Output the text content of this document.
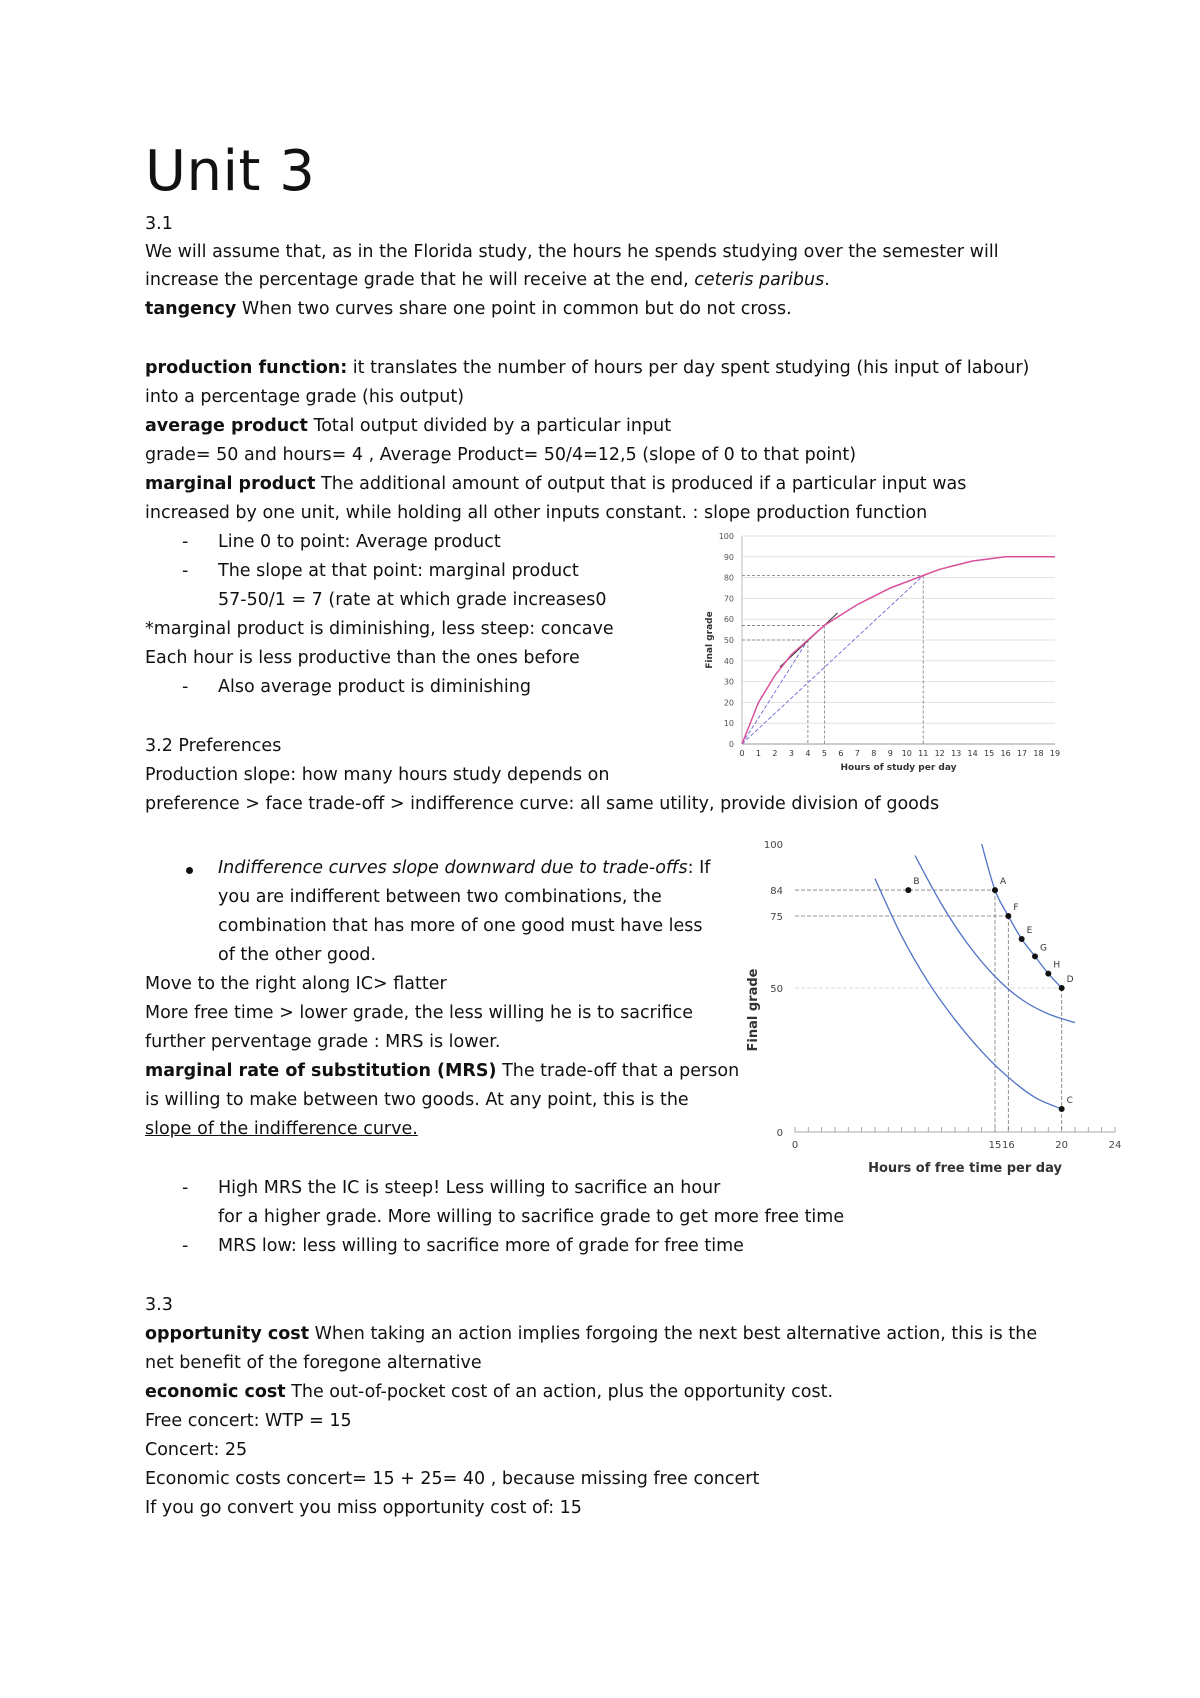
Unit 3
3.1
We will assume that, as in the Florida study, the hours he spends studying over the semester will
increase the percentage grade that he will receive at the end, ceteris paribus.
tangency When two curves share one point in common but do not cross.
production function: it translates the number of hours per day spent studying (his input of labour)
into a percentage grade (his output)
average product Total output divided by a particular input
grade= 50 and hours= 4 , Average Product= 50/4=12,5 (slope of 0 to that point)
marginal product The additional amount of output that is produced if a particular input was
increased by one unit, while holding all other inputs constant. : slope production function
- Line 0 to point: Average product
- The slope at that point: marginal product
57-50/1 = 7 (rate at which grade increases0
*marginal product is diminishing, less steep: concave
Each hour is less productive than the ones before
- Also average product is diminishing
3.2 Preferences
Production slope: how many hours study depends on
preference > face trade-off > indifference curve: all same utility, provide division of goods
Indifference curves slope downward due to trade-offs: If
you are indifferent between two combinations, the
combination that has more of one good must have less
of the other good.
Move to the right along IC> flatter
More free time > lower grade, the less willing he is to sacrifice
further perventage grade : MRS is lower.
marginal rate of substitution (MRS) The trade-off that a person
is willing to make between two goods. At any point, this is the
slope of the indifference curve.
- High MRS the IC is steep! Less willing to sacrifice an hour
for a higher grade. More willing to sacrifice grade to get more free time
- MRS low: less willing to sacrifice more of grade for free time
3.3
opportunity cost When taking an action implies forgoing the next best alternative action, this is the
net benefit of the foregone alternative
economic cost The out-of-pocket cost of an action, plus the opportunity cost.
Free concert: WTP = 15
Concert: 25
Economic costs concert= 15 + 25= 40 , because missing free concert
If you go convert you miss opportunity cost of: 15
0
10
20
30
40
50
60
70
80
90
100
0 1 2 3 4 5 6 7 8 9 10 11 12 13 14 15 16 17 18 19
Hours of study per day
Final grade
0	15 16	20	24
0
50
75
84
100
A
B
F
E
G
H
D
C
Hours of free time per day
Final grade
